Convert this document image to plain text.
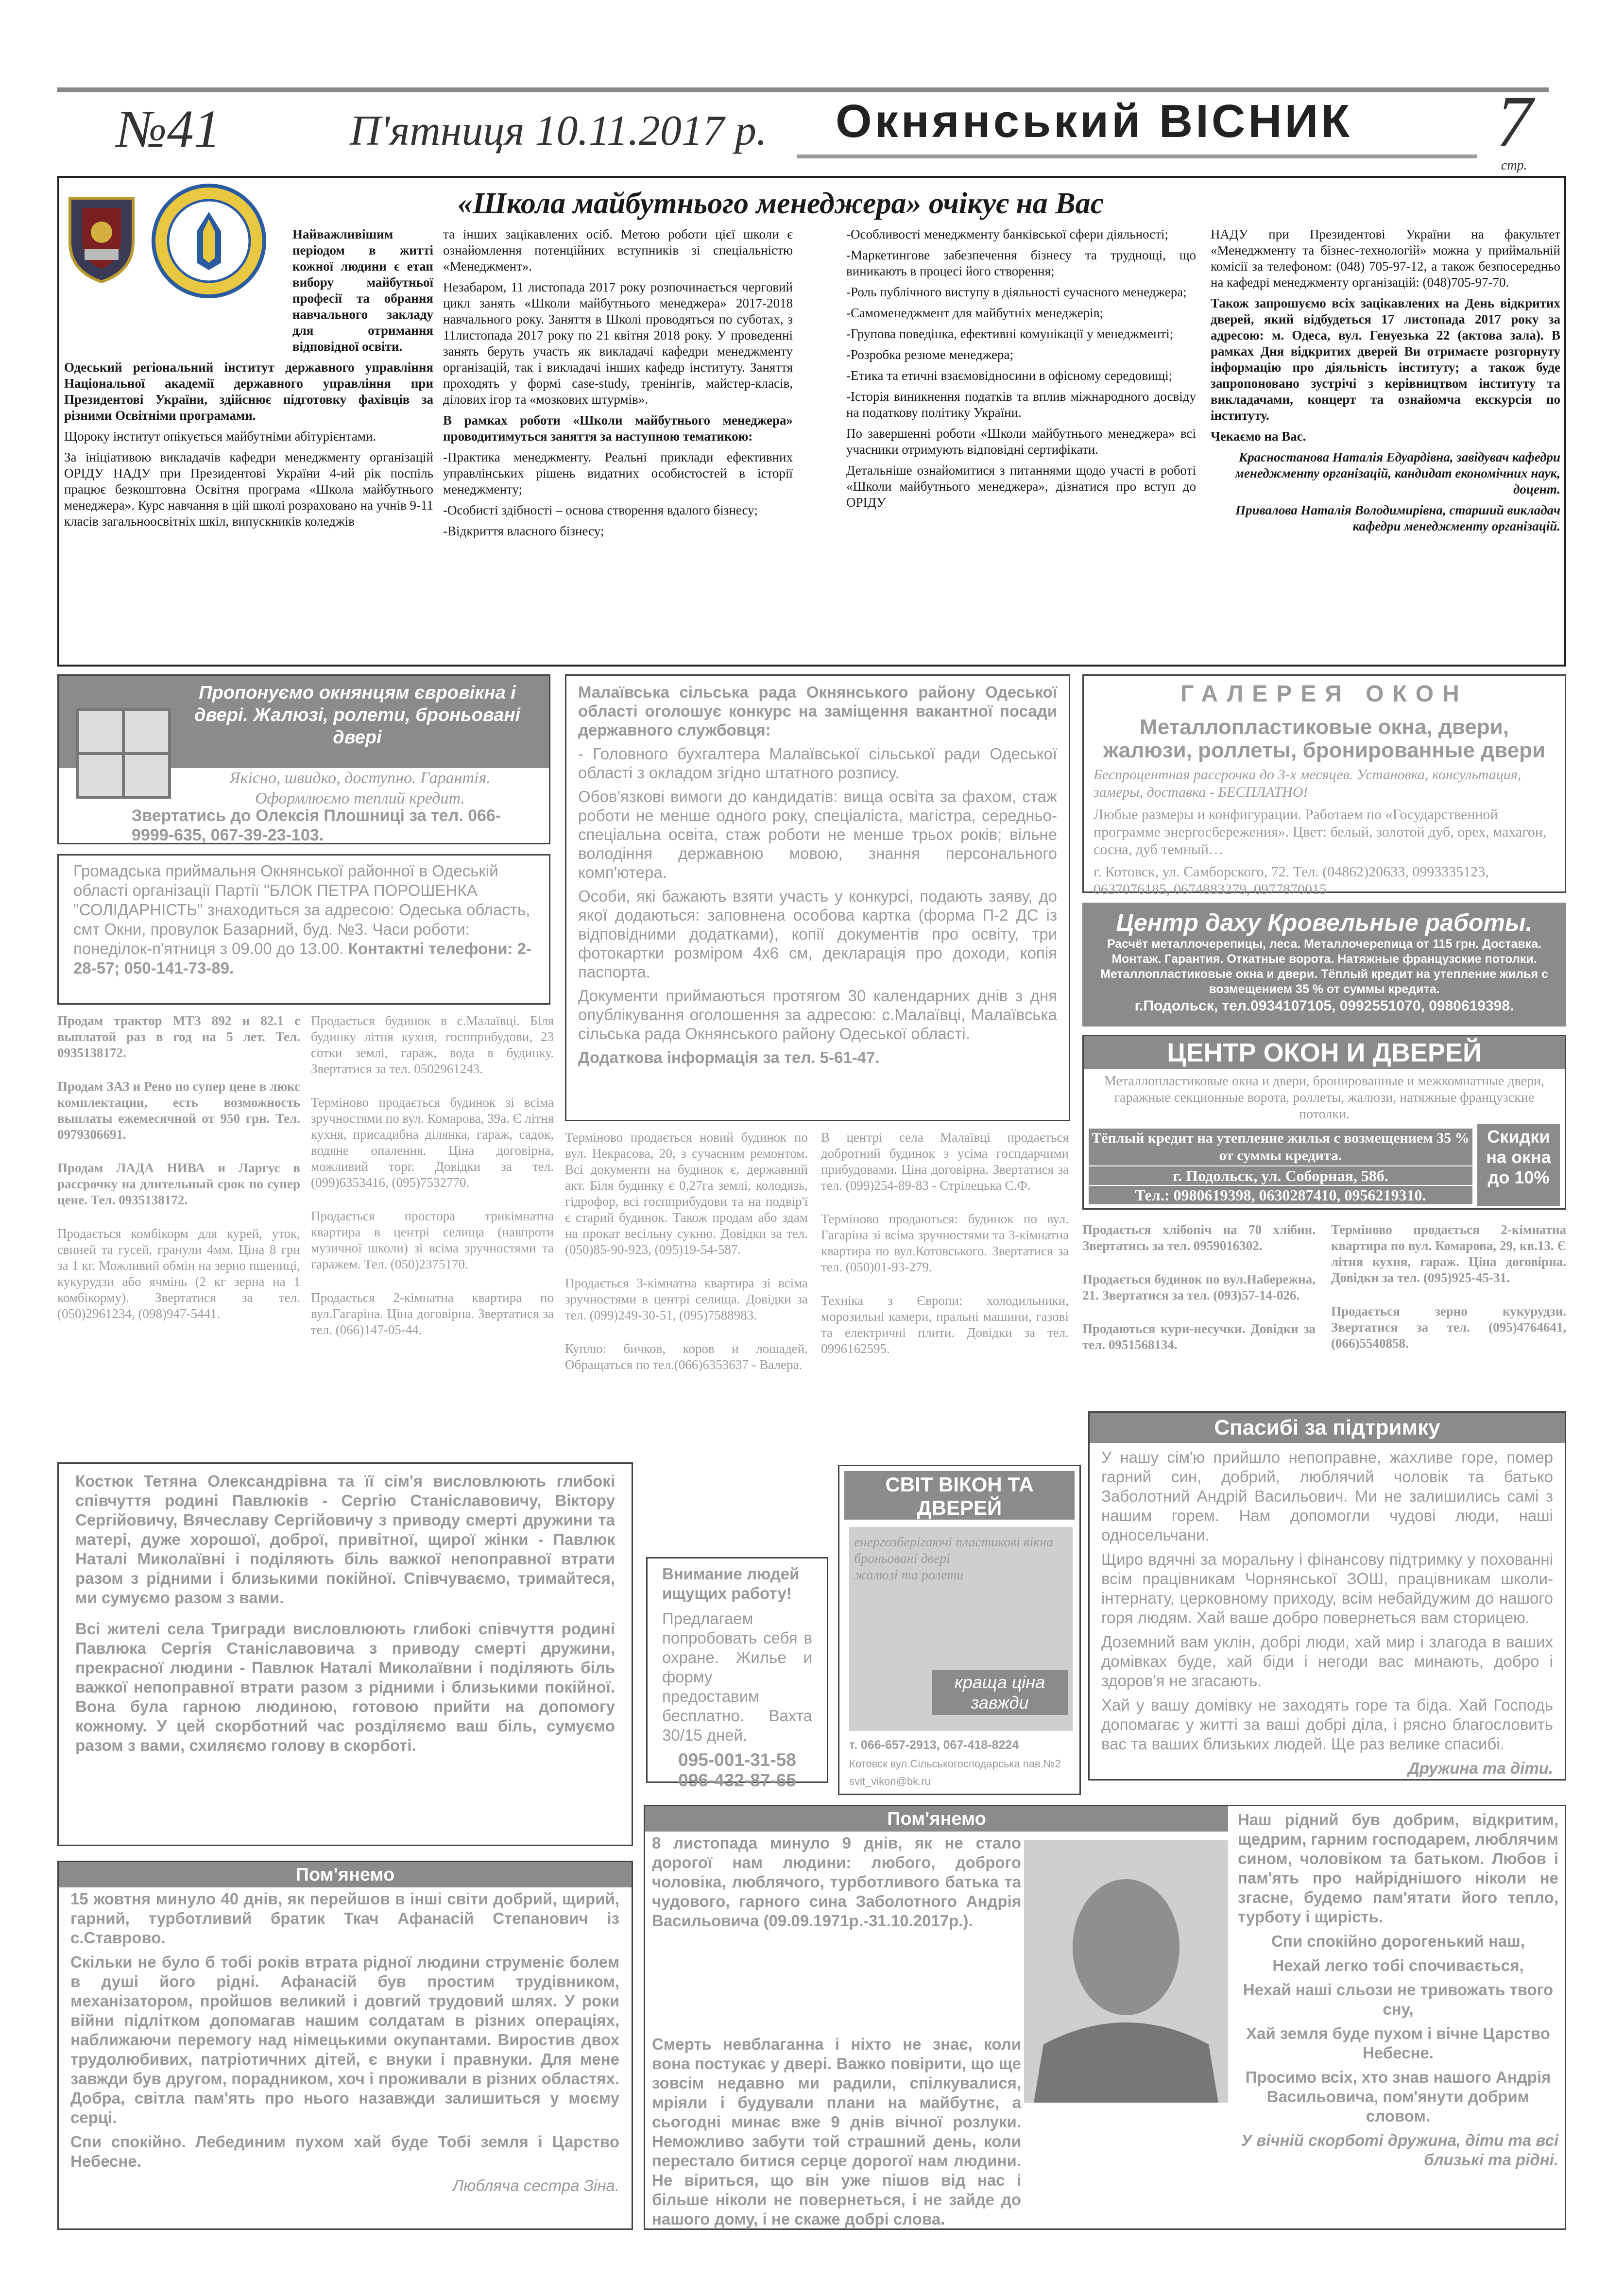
№41	П'ятниця 10.11.2017 р. Окнянський ВІСНИК 7
стр.
«Школа майбутнього менеджера» очікує на Вас

Найважливішим періодом в житті кожної людини є етап вибору майбутньої професії та обрання навчального закладу для отримання відповідної освіти.

Одеський регіональний інститут державного управління Національної академії державного управління при Президентові України, здійснює підготовку фахівців за різними Освітніми програмами.

Щороку інститут опікується майбутніми абітурієнтами.

За ініціативою викладачів кафедри менеджменту організацій ОРІДУ НАДУ при Президентові України 4-ий рік поспіль працює безкоштовна Освітня програма «Школа майбутнього менеджера». Курс навчання в цій школі розраховано на учнів 9-11 класів загальноосвітніх шкіл, випускників коледжів

та інших зацікавлених осіб. Метою роботи цієї школи є ознайомлення потенційних вступників зі спеціальністю «Менеджмент».

Незабаром, 11 листопада 2017 року розпочинається черговий цикл занять «Школи майбутнього менеджера» 2017-2018 навчального року. Заняття в Школі проводяться по суботах, з 11листопада 2017 року по 21 квітня 2018 року. У проведенні занять беруть участь як викладачі кафедри менеджменту організацій, так і викладачі інших кафедр інституту. Заняття проходять у формі case-study, тренінгів, майстер-класів, ділових ігор та «мозкових штурмів».

В рамках роботи «Школи майбутнього менеджера» проводитимуться заняття за наступною тематикою:

-Практика менеджменту. Реальні приклади ефективних управлінських рішень видатних особистостей в історії менеджменту;

-Особисті здібності – основа створення вдалого бізнесу;

-Відкриття власного бізнесу;

-Особливості менеджменту банківської сфери діяльності;

-Маркетингове забезпечення бізнесу та труднощі, що виникають в процесі його створення;

-Роль публічного виступу в діяльності сучасного менеджера;

-Самоменеджмент для майбутніх менеджерів;

-Групова поведінка, ефективні комунікації у менеджменті;

-Розробка резюме менеджера;

-Етика та етичні взаємовідносини в офісному середовищі;

-Історія виникнення податків та вплив міжнародного досвіду на податкову політику України.

По завершенні роботи «Школи майбутнього менеджера» всі учасники отримують відповідні сертифікати.

Детальніше ознайомитися з питаннями щодо участі в роботі «Школи майбутнього менеджера», дізнатися про вступ до ОРІДУ

НАДУ при Президентові України на факультет «Менеджменту та бізнес-технологій» можна у приймальній комісії за телефоном: (048) 705-97-12, а також безпосередньо на кафедрі менеджменту організацій: (048)705-97-70.

Також запрошуємо всіх зацікавлених на День відкритих дверей, який відбудеться 17 листопада 2017 року за адресою: м. Одеса, вул. Генуезька 22 (актова зала). В рамках Дня відкритих дверей Ви отримаєте розгорнуту інформацію про діяльність інституту; а також буде запропоновано зустрічі з керівництвом інституту та викладачами, концерт та ознайомча екскурсія по інституту.

Чекаємо на Вас.

Красностанова Наталія Едуардівна, завідувач кафедри менеджменту організацій, кандидат економічних наук, доцент.

Привалова Наталія Володимирівна, старший викладач кафедри менеджменту організацій.

Пропонуємо окнянцям євровікна і двері. Жалюзі, ролети, броньовані двері
Якісно, швидко, доступно. Гарантія. Оформлюємо теплий кредит.
Звертатись до Олексія Плошниці за тел. 066-9999-635, 067-39-23-103.
Громадська приймальня Окнянської районної в Одеській області організації Партії "БЛОК ПЕТРА ПОРОШЕНКА "СОЛІДАРНІСТЬ" знаходиться за адресою: Одеська область, смт Окни, провулок Базарний, буд. №3. Часи роботи: понеділок-п'ятниця з 09.00 до 13.00. Контактні телефони: 2-28-57; 050-141-73-89.

Малаївська сільська рада Окнянського району Одеської області оголошує конкурс на заміщення вакантної посади державного службовця:

- Головного бухгалтера Малаївської сільської ради Одеської області з окладом згідно штатного розпису.

Обов'язкові вимоги до кандидатів: вища освіта за фахом, стаж роботи не менше одного року, спеціаліста, магістра, середньо-спеціальна освіта, стаж роботи не менше трьох років; вільне володіння державною мовою, знання персонального комп'ютера.

Особи, які бажають взяти участь у конкурсі, подають заяву, до якої додаються: заповнена особова картка (форма П-2 ДС із відповідними додатками), копії документів про освіту, три фотокартки розміром 4х6 см, декларація про доходи, копія паспорта.

Документи приймаються протягом 30 календарних днів з дня опублікування оголошення за адресою: с.Малаївці, Малаївська сільська рада Окнянського району Одеської області.

Додаткова інформація за тел. 5-61-47.

ГАЛЕРЕЯ ОКОН
Металлопластиковые окна, двери, жалюзи, роллеты, бронированные двери

Беспроцентная рассрочка до 3-х месяцев. Установка, консультация, замеры, доставка - БЕСПЛАТНО!

Любые размеры и конфигурации. Работаем по «Государственной программе энергосбережения». Цвет: белый, золотой дуб, орех, махагон, сосна, дуб темный…

г. Котовск, ул. Самборского, 72. Тел. (04862)20633, 0993335123, 0637076185, 0674883279, 0977870015

Центр даху Кровельные работы.
Расчёт металлочерепицы, леса. Металлочерепица от 115 грн. Доставка. Монтаж. Гарантия. Откатные ворота. Натяжные французские потолки.
Металлопластиковые окна и двери. Тёплый кредит на утепление жилья с возмещением 35 % от суммы кредита.
г.Подольск, тел.0934107105, 0992551070, 0980619398.
ЦЕНТР ОКОН И ДВЕРЕЙ
Металлопластиковые окна и двери, бронированные и межкомнатные двери, гаражные секционные ворота, роллеты, жалюзи, натяжные французские потолки.
Тёплый кредит на утепление жилья с возмещением 35 % от суммы кредита.
Скидки на окна до 10%
г. Подольск, ул. Соборная, 58б.
Тел.: 0980619398, 0630287410, 0956219310.

Продам трактор МТЗ 892 и 82.1 с выплатой раз в год на 5 лет. Тел. 0935138172.

Продам ЗАЗ и Рено по супер цене в люкс комплектации, есть возможность выплаты ежемесячной от 950 грн. Тел. 0979306691.

Продам ЛАДА НИВА и Ларгус в рассрочку на длительный срок по супер цене. Тел. 0935138172.

Продається комбікорм для курей, уток, свиней та гусей, гранули 4мм. Ціна 8 грн за 1 кг. Можливий обмін на зерно пшениці, кукурудзи або ячмінь (2 кг зерна на 1 комбікорму). Звертатися за тел. (050)2961234, (098)947-5441.

Продається будинок в с.Малаївці. Біля будинку літня кухня, госпприбудови, 23 сотки землі, гараж, вода в будинку. Звертатися за тел. 0502961243.

Терміново продається будинок зі всіма зручностями по вул. Комарова, 39а. Є літня кухня, присадибна ділянка, гараж, садок, водяне опалення. Ціна договірна, можливий торг. Довідки за тел. (099)6353416, (095)7532770.

Продається простора трикімнатна квартира в центрі селища (навпроти музичної школи) зі всіма зручностями та гаражем. Тел. (050)2375170.

Продається 2-кімнатна квартира по вул.Гагаріна. Ціна договірна. Звертатися за тел. (066)147-05-44.

Терміново продається новий будинок по вул. Некрасова, 20, з сучасним ремонтом. Всі документи на будинок є, державний акт. Біля будинку є 0,27га землі, колодязь, гідрофор, всі госпприбудови та на подвір'ї є старий будинок. Також продам або здам на прокат весільну сукню. Довідки за тел. (050)85-90-923, (095)19-54-587.

Продається 3-кімнатна квартира зі всіма зручностями в центрі селища. Довідки за тел. (099)249-30-51, (095)7588983.

Куплю: бичков, коров и лошадей. Обращаться по тел.(066)6353637 - Валера.

В центрі села Малаївці продається добротний будинок з усіма госпдарчими прибудовами. Ціна договірна. Звертатися за тел. (099)254-89-83 - Стрілецька С.Ф.

Терміново продаються: будинок по вул. Гагаріна зі всіма зручностями та 3-кімнатна квартира по вул.Котовського. Звертатися за тел. (050)01-93-279.

Техніка з Європи: холодильники, морозильні камери, пральні машини, газові та електричні плити. Довідки за тел. 0996162595.

Продається хлібопіч на 70 хлібин. Звертатись за тел. 0959016302.

Продається будинок по вул.Набережна, 21. Звертатися за тел. (093)57-14-026.

Продаються кури-несучки. Довідки за тел. 0951568134.

Терміново продається 2-кімнатна квартира по вул. Комарова, 29, кв.13. Є літня кухня, гараж. Ціна договірна. Довідки за тел. (095)925-45-31.

Продається зерно кукурудзи. Звертатися за тел. (095)4764641, (066)5540858.

СВІТ ВІКОН ТА ДВЕРЕЙ
енергозберігаючі пластикові вікна
броньовані двері
жалюзі та ролети
краща ціна завжди
т. 066-657-2913, 067-418-8224
Котовск вул.Сільськогосподарська пав.№2
svit_vikon@bk.ru
Внимание людей ищущих работу!
Предлагаем попробовать себя в охране. Жилье и форму предоставим бесплатно. Вахта 30/15 дней.
095-001-31-58 096-432-87-65

Костюк Тетяна Олександрівна та її сім'я висловлюють глибокі співчуття родині Павлюків - Сергію Станіславовичу, Віктору Сергійовичу, Вячеславу Сергійовичу з приводу смерті дружини та матері, дуже хорошої, доброї, привітної, щирої жінки - Павлюк Наталі Миколаївні і поділяють біль важкої непоправної втрати разом з рідними і близькими покійної. Співчуваємо, тримайтеся, ми сумуємо разом з вами.

Всі жителі села Тригради висловлюють глибокі співчуття родині Павлюка Сергія Станіславовича з приводу смерті дружини, прекрасної людини - Павлюк Наталі Миколаївни і поділяють біль важкої непоправної втрати разом з рідними і близькими покійної. Вона була гарною людиною, готовою прийти на допомогу кожному. У цей скорботний час розділяємо ваш біль, сумуємо разом з вами, схиляємо голову в скорботі.

Спасибі за підтримку

У нашу сім'ю прийшло непоправне, жахливе горе, помер гарний син, добрий, люблячий чоловік та батько Заболотний Андрій Васильович. Ми не залишились самі з нашим горем. Нам допомогли чудові люди, наші односельчани.

Щиро вдячні за моральну і фінансову підтримку у похованні всім працівникам Чорнянської ЗОШ, працівникам школи-інтернату, церковному приходу, всім небайдужим до нашого горя людям. Хай ваше добро повернеться вам сторицею.

Доземний вам уклін, добрі люди, хай мир і злагода в ваших домівках буде, хай біди і негоди вас минають, добро і здоров'я не згасають.

Хай у вашу домівку не заходять горе та біда. Хай Господь допомагає у житті за ваші добрі діла, і рясно благословить вас та ваших близьких людей. Ще раз велике спасибі.

Дружина та діти.

Пом'янемо

15 жовтня минуло 40 днів, як перейшов в інші світи добрий, щирий, гарний, турботливий братик Ткач Афанасій Степанович із с.Ставрово.

Скільки не було б тобі років втрата рідної людини струменіє болем в душі його рідні. Афанасій був простим трудівником, механізатором, пройшов великий і довгий трудовий шлях. У роки війни підлітком допомагав нашим солдатам в різних операціях, наближаючи перемогу над німецькими окупантами. Виростив двох трудолюбивих, патріотичних дітей, є внуки і правнуки. Для мене завжди був другом, порадником, хоч і проживали в різних областях. Добра, світла пам'ять про нього назавжди залишиться у моєму серці.

Спи спокійно. Лебединим пухом хай буде Тобі земля і Царство Небесне.

Любляча сестра Зіна.

Пом'янемо

8 листопада минуло 9 днів, як не стало дорогої нам людини: любого, доброго чоловіка, люблячого, турботливого батька та чудового, гарного сина Заболотного Андрія Васильовича (09.09.1971р.-31.10.2017р.).

Смерть невблаганна і ніхто не знає, коли вона постукає у двері. Важко повірити, що ще зовсім недавно ми радили, спілкувалися, мріяли і будували плани на майбутнє, а сьогодні минає вже 9 днів вічної розлуки. Неможливо забути той страшний день, коли перестало битися серце дорогої нам людини. Не віриться, що він уже пішов від нас і більше ніколи не повернеться, і не зайде до нашого дому, і не скаже добрі слова.

Наш рідний був добрим, відкритим, щедрим, гарним господарем, люблячим сином, чоловіком та батьком. Любов і пам'ять про найріднішого ніколи не згасне, будемо пам'ятати його тепло, турботу і щирість.

Спи спокійно дорогенький наш,

Нехай легко тобі спочивається,

Нехай наші сльози не тривожать твого сну,

Хай земля буде пухом і вічне Царство Небесне.

Просимо всіх, хто знав нашого Андрія Васильовича, пом'янути добрим словом.

У вічній скорботі дружина, діти та всі близькі та рідні.
